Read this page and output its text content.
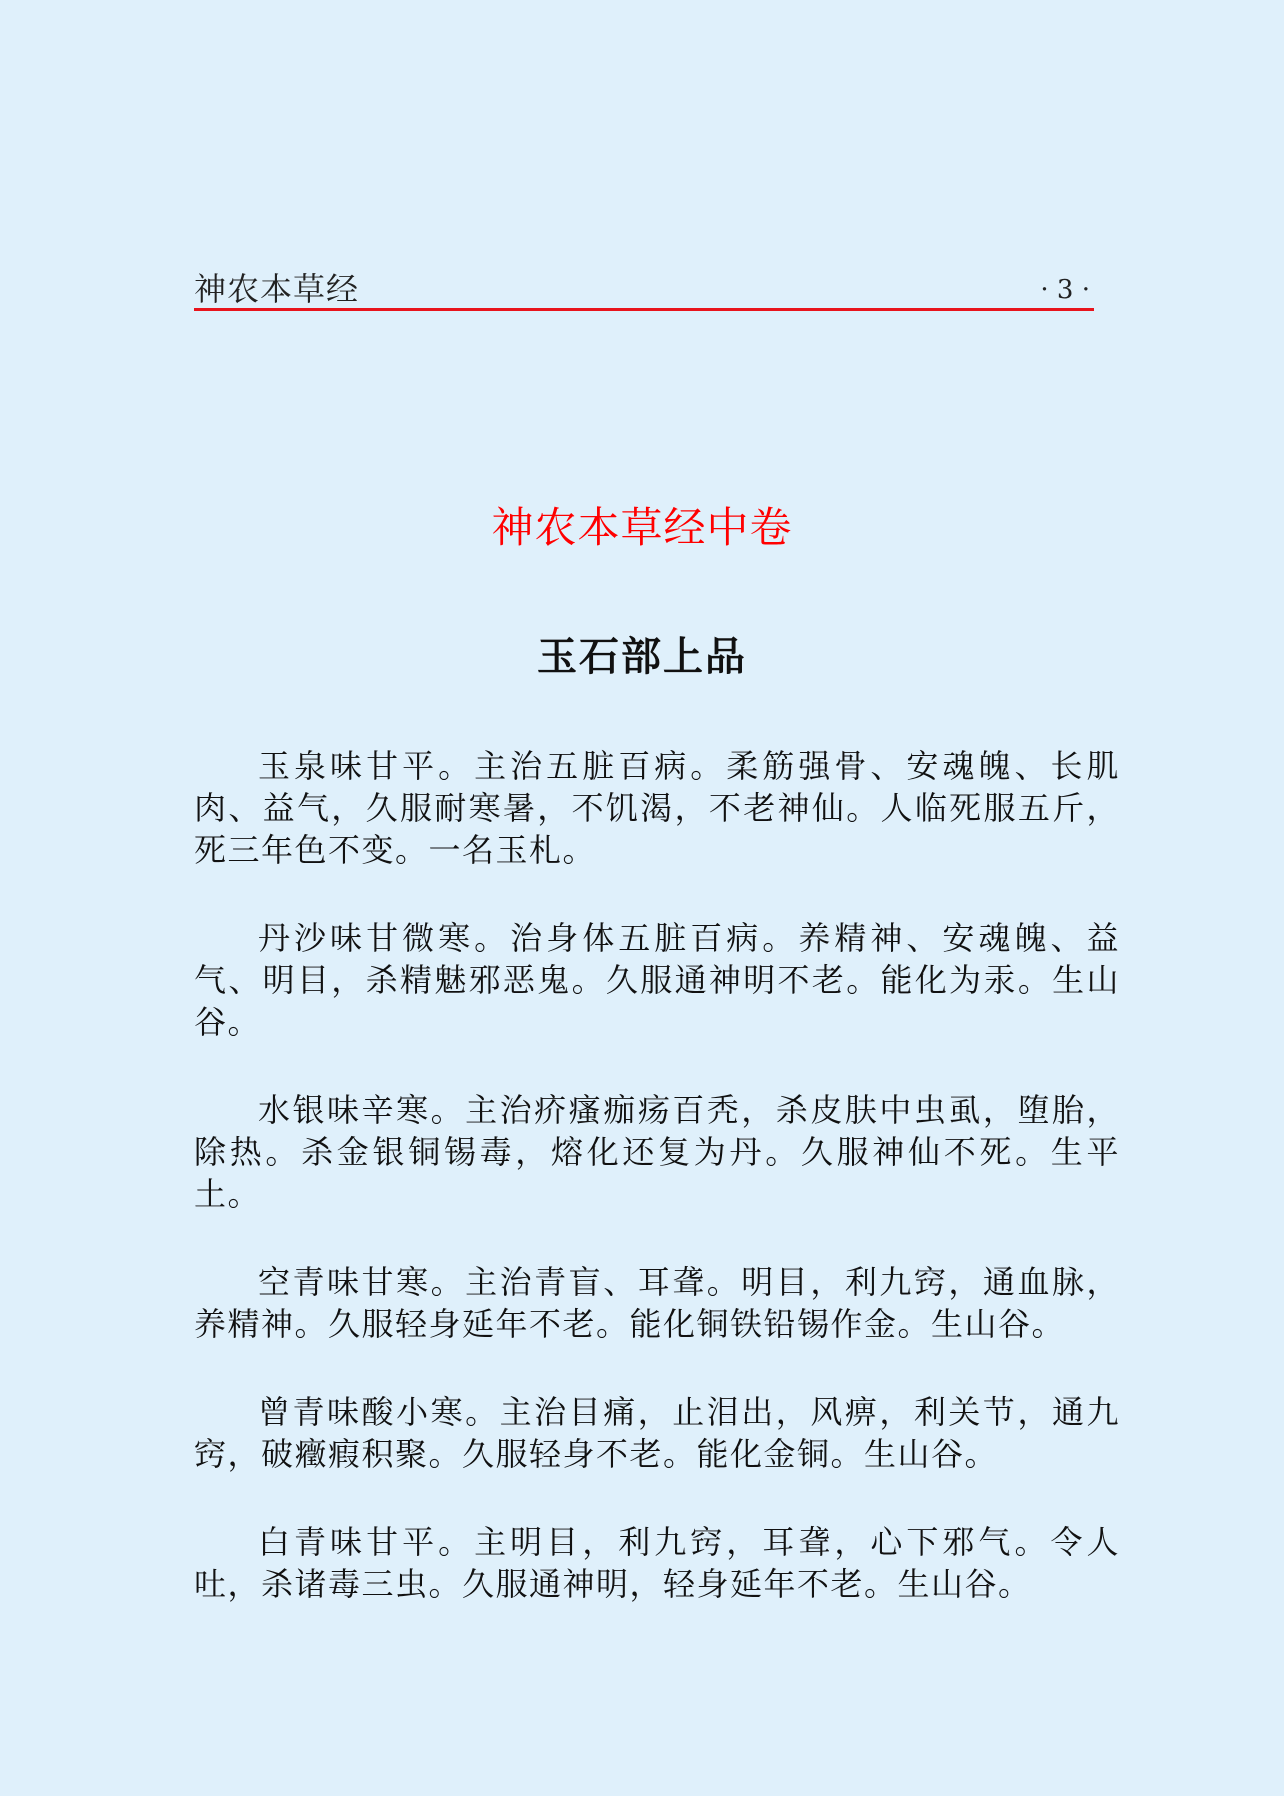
神农本草经	· 3 ·
神农本草经中卷
玉石部上品

玉泉味甘平。主治五脏百病。柔筋强骨、安魂魄、长肌肉、益气，久服耐寒暑，不饥渴，不老神仙。人临死服五斤，死三年色不变。一名玉札。

丹沙味甘微寒。治身体五脏百病。养精神、安魂魄、益气、明目，杀精魅邪恶鬼。久服通神明不老。能化为汞。生山谷。

水银味辛寒。主治疥瘙痂疡百秃，杀皮肤中虫虱，堕胎，除热。杀金银铜锡毒，熔化还复为丹。久服神仙不死。生平土。

空青味甘寒。主治青盲、耳聋。明目，利九窍，通血脉，养精神。久服轻身延年不老。能化铜铁铅锡作金。生山谷。

曾青味酸小寒。主治目痛，止泪出，风痹，利关节，通九窍，破癥瘕积聚。久服轻身不老。能化金铜。生山谷。

白青味甘平。主明目，利九窍，耳聋，心下邪气。令人吐，杀诸毒三虫。久服通神明，轻身延年不老。生山谷。
